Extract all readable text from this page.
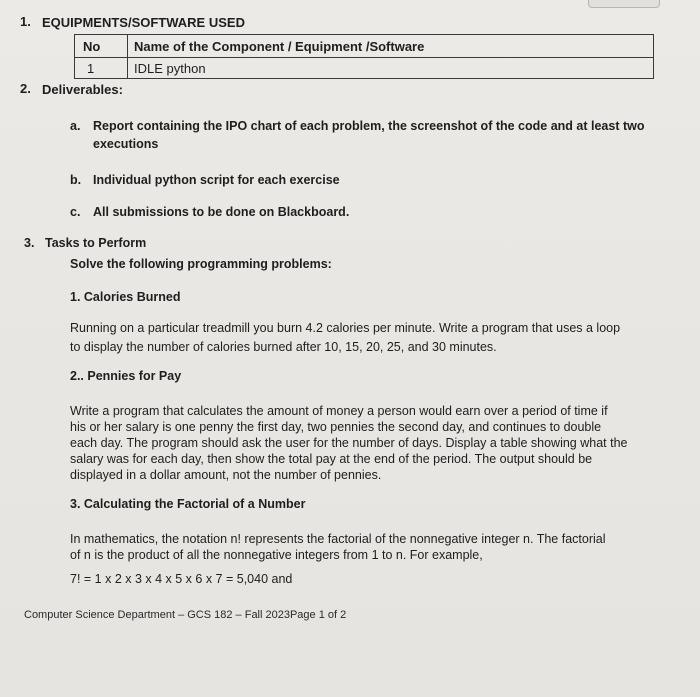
1. EQUIPMENTS/SOFTWARE USED
No	Name of the Component / Equipment /Software
1	IDLE python
2. Deliverables:
a. Report containing the IPO chart of each problem, the screenshot of the code and at least two
executions
b. Individual python script for each exercise
c. All submissions to be done on Blackboard.
3. Tasks to Perform
Solve the following programming problems:
1. Calories Burned
Running on a particular treadmill you burn 4.2 calories per minute. Write a program that uses a loop
to display the number of calories burned after 10, 15, 20, 25, and 30 minutes.
2.. Pennies for Pay
Write a program that calculates the amount of money a person would earn over a period of time if
his or her salary is one penny the first day, two pennies the second day, and continues to double
each day. The program should ask the user for the number of days. Display a table showing what the
salary was for each day, then show the total pay at the end of the period. The output should be
displayed in a dollar amount, not the number of pennies.
3. Calculating the Factorial of a Number
In mathematics, the notation n! represents the factorial of the nonnegative integer n. The factorial
of n is the product of all the nonnegative integers from 1 to n. For example,
7! = 1 x 2 x 3 x 4 x 5 x 6 x 7 = 5,040 and
Computer Science Department – GCS 182 – Fall 2023Page 1 of 2
